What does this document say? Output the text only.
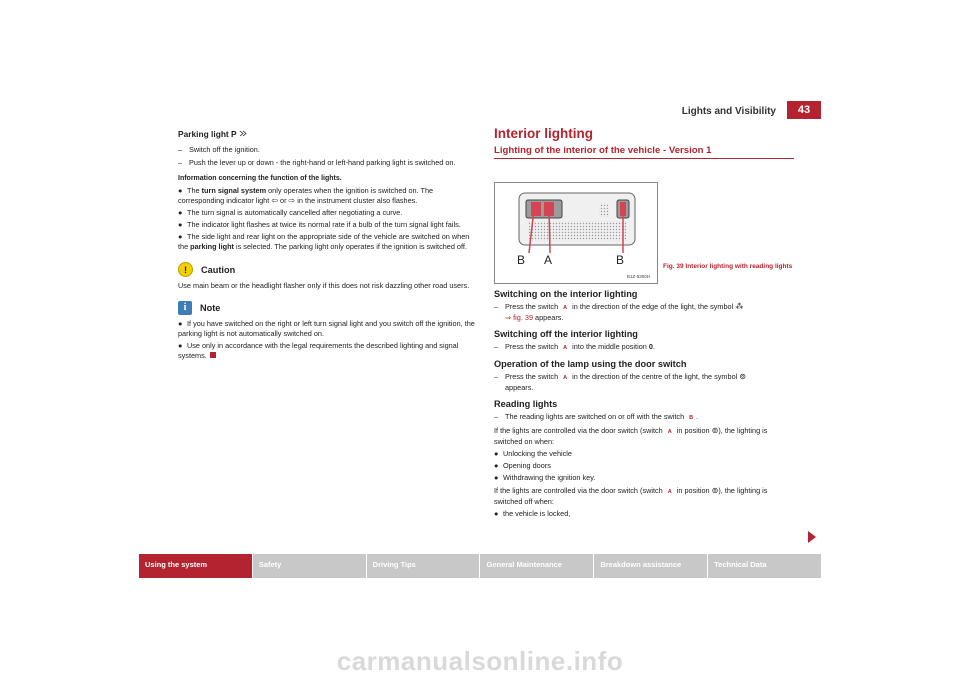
Lights and Visibility	43
Parking light P
– Switch off the ignition.
– Push the lever up or down - the right-hand or left-hand parking light is switched on.

Information concerning the function of the lights.

● The turn signal system only operates when the ignition is switched on. The corresponding indicator light ⇦ or ⇨ in the instrument cluster also flashes.
● The turn signal is automatically cancelled after negotiating a curve.
● The indicator light flashes at twice its normal rate if a bulb of the turn signal light fails.
● The side light and rear light on the appropriate side of the vehicle are switched on when the parking light is selected. The parking light only operates if the ignition is switched off.
!	Caution

Use main beam or the headlight flasher only if this does not risk dazzling other road users.

i	Note
● If you have switched on the right or left turn signal light and you switch off the ignition, the parking light is not automatically switched on.
● Use only in accordance with the legal requirements the described lighting and signal systems.
Interior lighting
Lighting of the interior of the vehicle - Version 1
Switching on the interior lighting
– Press the switch A in the direction of the edge of the light, the symbol ⁂
⇒ fig. 39 appears.
Switching off the interior lighting
– Press the switch A into the middle position 0.
Operation of the lamp using the door switch
– Press the switch A in the direction of the centre of the light, the symbol ⊚
appears.
Reading lights
– The reading lights are switched on or off with the switch B .

If the lights are controlled via the door switch (switch A in position ⊚), the lighting is switched on when:

● Unlocking the vehicle
● Opening doors
● Withdrawing the ignition key.

If the lights are controlled via the door switch (switch A in position ⊚), the lighting is switched off when:

● the vehicle is locked,
B A	B
B1Z-5300H
Fig. 39 Interior lighting with reading lights
Using the system	Safety	Driving Tips	General Maintenance	Breakdown assistance	Technical Data
carmanualsonline.info
